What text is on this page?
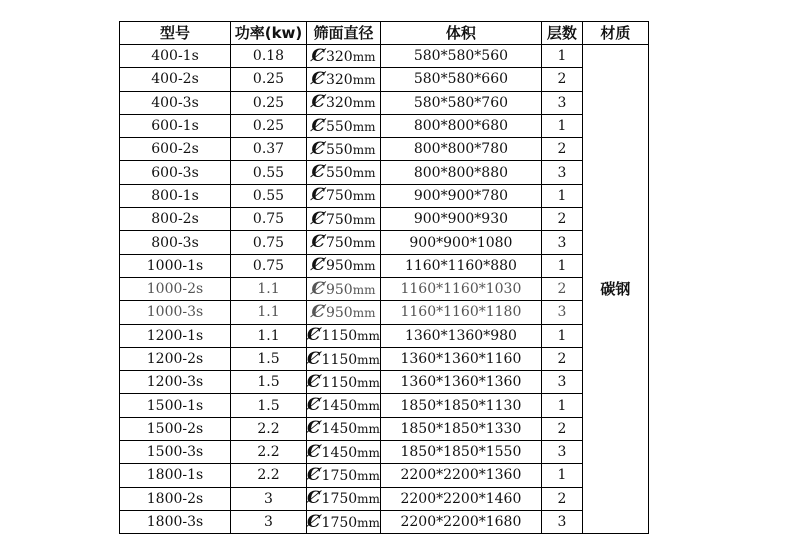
型号	功率(kw)	筛面直径	体积	层数	材质
400-1s	0.18	Ȼ320mm	580*580*560	1	碳钢
400-2s	0.25	Ȼ320mm	580*580*660	2	
400-3s	0.25	Ȼ320mm	580*580*760	3	
600-1s	0.25	Ȼ550mm	800*800*680	1	
600-2s	0.37	Ȼ550mm	800*800*780	2	
600-3s	0.55	Ȼ550mm	800*800*880	3	
800-1s	0.55	Ȼ750mm	900*900*780	1	
800-2s	0.75	Ȼ750mm	900*900*930	2	
800-3s	0.75	Ȼ750mm	900*900*1080	3	
1000-1s	0.75	Ȼ950mm	1160*1160*880	1	
1000-2s	1.1	Ȼ950mm	1160*1160*1030	2	
1000-3s	1.1	Ȼ950mm	1160*1160*1180	3	
1200-1s	1.1	Ȼ1150mm	1360*1360*980	1	
1200-2s	1.5	Ȼ1150mm	1360*1360*1160	2	
1200-3s	1.5	Ȼ1150mm	1360*1360*1360	3	
1500-1s	1.5	Ȼ1450mm	1850*1850*1130	1	
1500-2s	2.2	Ȼ1450mm	1850*1850*1330	2	
1500-3s	2.2	Ȼ1450mm	1850*1850*1550	3	
1800-1s	2.2	Ȼ1750mm	2200*2200*1360	1	
1800-2s	3	Ȼ1750mm	2200*2200*1460	2	
1800-3s	3	Ȼ1750mm	2200*2200*1680	3	
